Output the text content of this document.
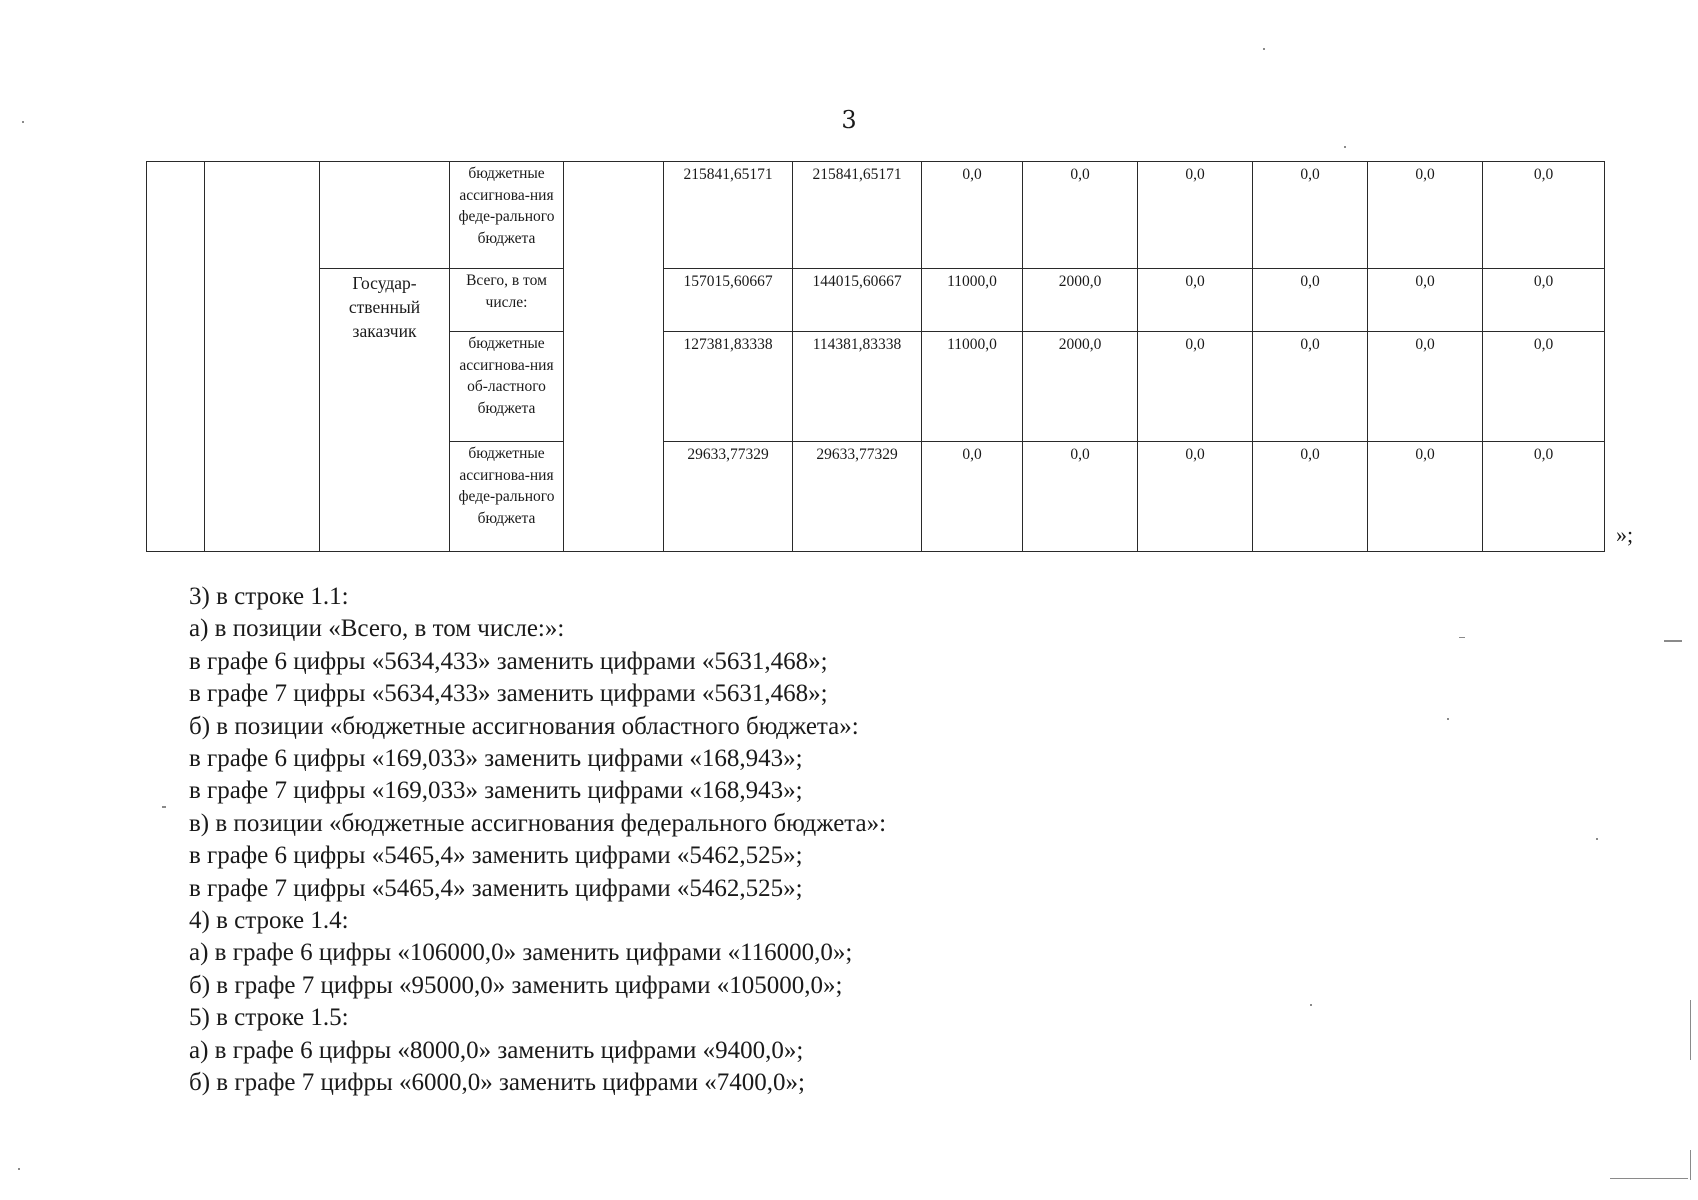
3
			бюджетные ассигнова-ния феде-рального бюджета		215841,65171	215841,65171	0,0	0,0	0,0	0,0	0,0	0,0
		Государ-ственный заказчик	Всего, в том числе:		157015,60667	144015,60667	11000,0	2000,0	0,0	0,0	0,0	0,0
			бюджетные ассигнова-ния об-ластного бюджета		127381,83338	114381,83338	11000,0	2000,0	0,0	0,0	0,0	0,0
			бюджетные ассигнова-ния феде-рального бюджета		29633,77329	29633,77329	0,0	0,0	0,0	0,0	0,0	0,0
»;
3) в строке 1.1:
а) в позиции «Всего, в том числе:»:
в графе 6 цифры «5634,433» заменить цифрами «5631,468»;
в графе 7 цифры «5634,433» заменить цифрами «5631,468»;
б) в позиции «бюджетные ассигнования областного бюджета»:
в графе 6 цифры «169,033» заменить цифрами «168,943»;
в графе 7 цифры «169,033» заменить цифрами «168,943»;
в) в позиции «бюджетные ассигнования федерального бюджета»:
в графе 6 цифры «5465,4» заменить цифрами «5462,525»;
в графе 7 цифры «5465,4» заменить цифрами «5462,525»;
4) в строке 1.4:
а) в графе 6 цифры «106000,0» заменить цифрами «116000,0»;
б) в графе 7 цифры «95000,0» заменить цифрами «105000,0»;
5) в строке 1.5:
а) в графе 6 цифры «8000,0» заменить цифрами «9400,0»;
б) в графе 7 цифры «6000,0» заменить цифрами «7400,0»;
